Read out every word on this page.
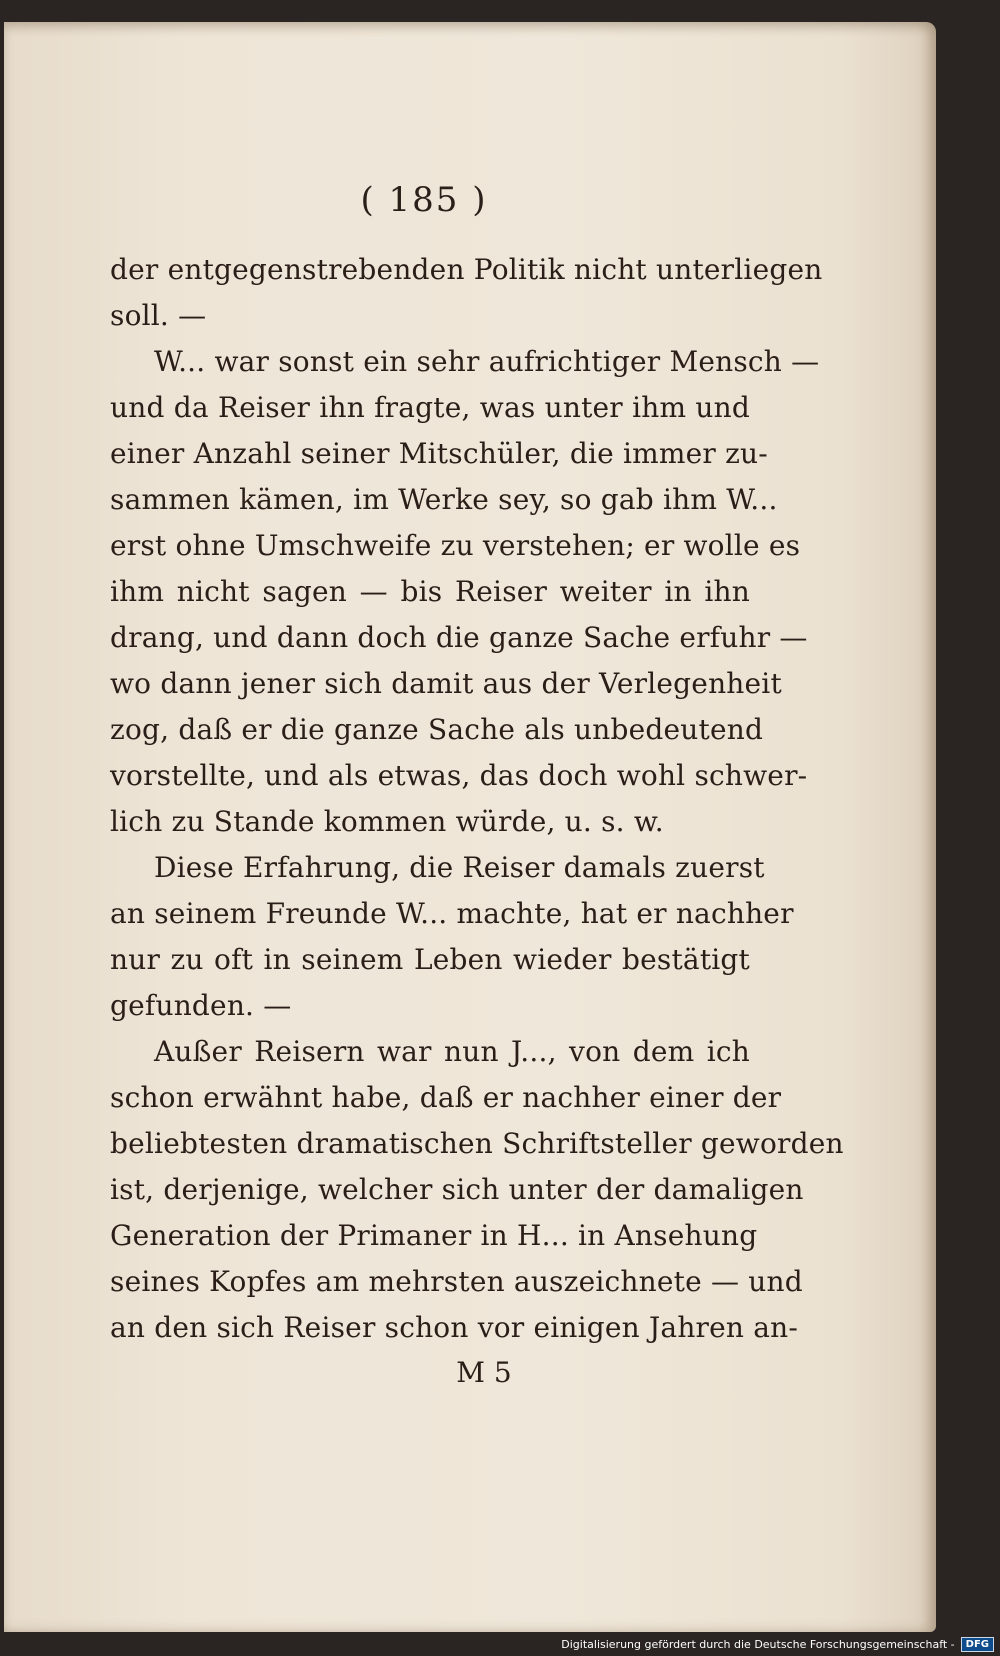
( 185 )
der entgegenstrebenden Politik nicht unterliegen
soll. —
W... war sonst ein sehr aufrichtiger Mensch —
und da Reiser ihn fragte, was unter ihm und
einer Anzahl seiner Mitschüler, die immer zu-
sammen kämen, im Werke sey, so gab ihm W...
erst ohne Umschweife zu verstehen; er wolle es
ihm nicht sagen — bis Reiser weiter in ihn
drang, und dann doch die ganze Sache erfuhr —
wo dann jener sich damit aus der Verlegenheit
zog, daß er die ganze Sache als unbedeutend
vorstellte, und als etwas, das doch wohl schwer-
lich zu Stande kommen würde, u. s. w.
Diese Erfahrung, die Reiser damals zuerst
an seinem Freunde W... machte, hat er nachher
nur zu oft in seinem Leben wieder bestätigt
gefunden. —
Außer Reisern war nun J..., von dem ich
schon erwähnt habe, daß er nachher einer der
beliebtesten dramatischen Schriftsteller geworden
ist, derjenige, welcher sich unter der damaligen
Generation der Primaner in H... in Ansehung
seines Kopfes am mehrsten auszeichnete — und
an den sich Reiser schon vor einigen Jahren an-
M 5
Digitalisierung gefördert durch die Deutsche Forschungsgemeinschaft -	DFG
